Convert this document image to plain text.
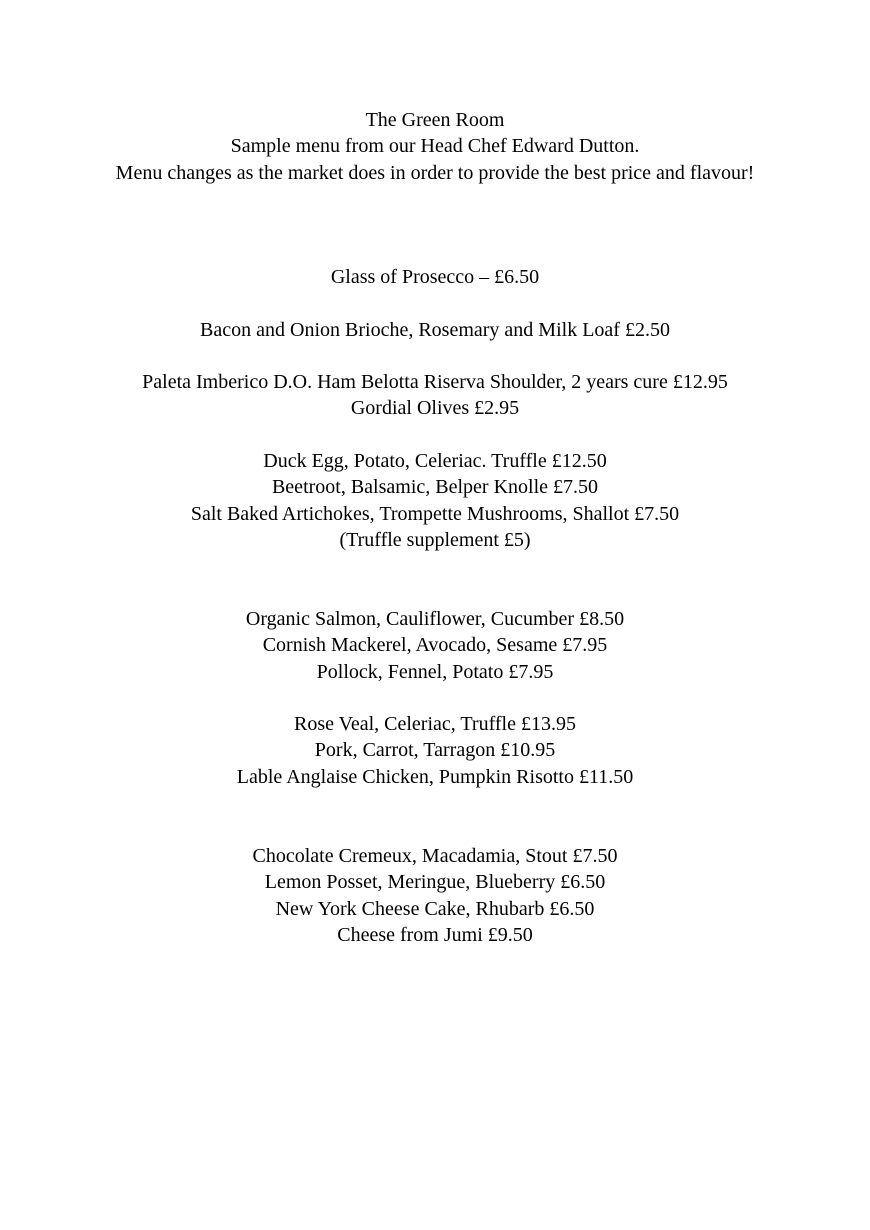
The Green Room
Sample menu from our Head Chef Edward Dutton.
Menu changes as the market does in order to provide the best price and flavour!
Glass of Prosecco – £6.50
Bacon and Onion Brioche, Rosemary and Milk Loaf £2.50
Paleta Imberico D.O. Ham Belotta Riserva Shoulder, 2 years cure £12.95
Gordial Olives £2.95
Duck Egg, Potato, Celeriac. Truffle £12.50
Beetroot, Balsamic, Belper Knolle £7.50
Salt Baked Artichokes, Trompette Mushrooms, Shallot £7.50
(Truffle supplement £5)
Organic Salmon, Cauliflower, Cucumber £8.50
Cornish Mackerel, Avocado, Sesame £7.95
Pollock, Fennel, Potato £7.95
Rose Veal, Celeriac, Truffle £13.95
Pork, Carrot, Tarragon £10.95
Lable Anglaise Chicken, Pumpkin Risotto £11.50
Chocolate Cremeux, Macadamia, Stout £7.50
Lemon Posset, Meringue, Blueberry £6.50
New York Cheese Cake, Rhubarb £6.50
Cheese from Jumi £9.50
